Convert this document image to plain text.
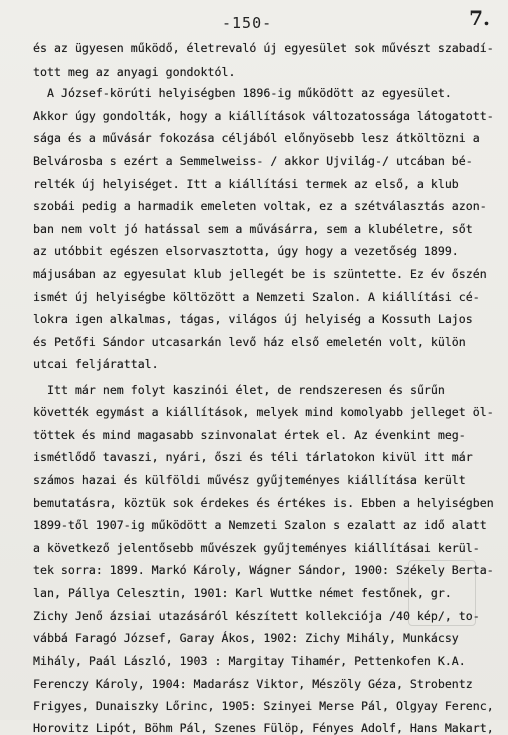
-150-	7.
és az ügyesen működő, életrevaló új egyesület sok művészt szabadí-
tott meg az anyagi gondoktól.
A József-körúti helyiségben 1896-ig működött az egyesület.
Akkor úgy gondolták, hogy a kiállítások változatossága látogatott-
sága és a művásár fokozása céljából előnyösebb lesz átköltözni a
Belvárosba s ezért a Semmelweiss- / akkor Ujvilág-/ utcában bé-
relték új helyiséget. Itt a kiállítási termek az első, a klub
szobái pedig a harmadik emeleten voltak, ez a szétválasztás azon-
ban nem volt jó hatással sem a művásárra, sem a klubéletre, sőt
az utóbbit egészen elsorvasztotta, úgy hogy a vezetőség 1899.
májusában az egyesulat klub jellegét be is szüntette. Ez év őszén
ismét új helyiségbe költözött a Nemzeti Szalon. A kiállítási cé-
lokra igen alkalmas, tágas, világos új helyiség a Kossuth Lajos
és Petőfi Sándor utcasarkán levő ház első emeletén volt, külön
utcai feljárattal.
Itt már nem folyt kaszinói élet, de rendszeresen és sűrűn
követték egymást a kiállítások, melyek mind komolyabb jelleget öl-
töttek és mind magasabb szinvonalat értek el. Az évenkint meg-
ismétlődő tavaszi, nyári, őszi és téli tárlatokon kivül itt már
számos hazai és külföldi művész gyűjteményes kiállítása került
bemutatásra, köztük sok érdekes és értékes is. Ebben a helyiségben
1899-től 1907-ig működött a Nemzeti Szalon s ezalatt az idő alatt
a következő jelentősebb művészek gyűjteményes kiállításai kerül-
tek sorra: 1899. Markó Károly, Wágner Sándor, 1900: Székely Berta-
lan, Pállya Celesztin, 1901: Karl Wuttke német festőnek, gr.
Zichy Jenő ázsiai utazásáról készített kollekciója /40 kép/, to-
vábbá Faragó József, Garay Ákos, 1902: Zichy Mihály, Munkácsy
Mihály, Paál László, 1903 : Margitay Tihamér, Pettenkofen K.A.
Ferenczy Károly, 1904: Madarász Viktor, Mészöly Géza, Strobentz
Frigyes, Dunaiszky Lőrinc, 1905: Szinyei Merse Pál, Olgyay Ferenc,
Horovitz Lipót, Böhm Pál, Szenes Fülöp, Fényes Adolf, Hans Makart,
